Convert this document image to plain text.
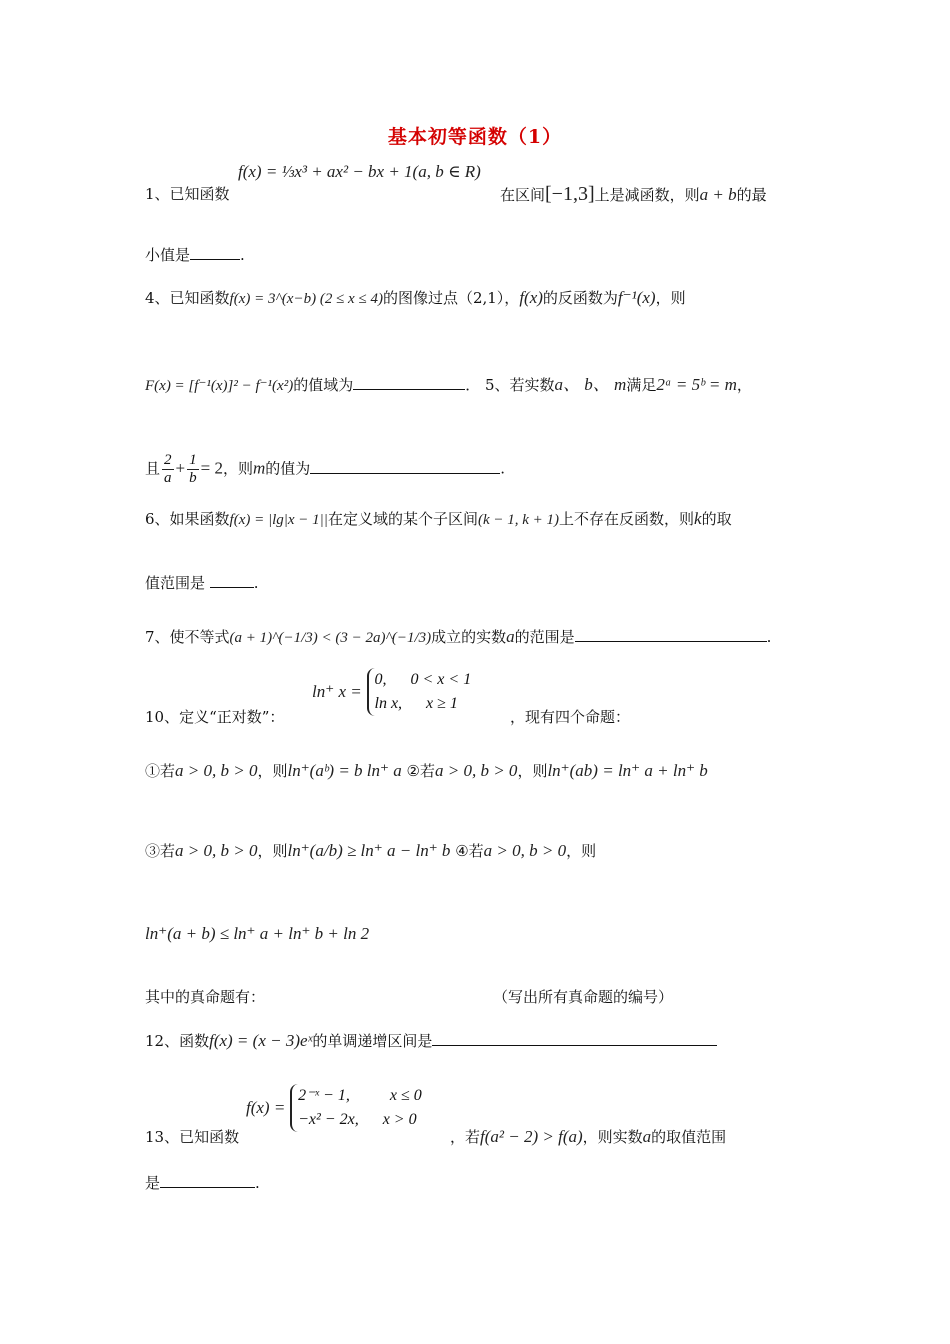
基本初等函数（1）
f(x) = ⅓x³ + ax² − bx + 1(a, b ∈ R)
1、已知函数	在区间[−1,3]上是减函数，则a + b的最
小值是	.
4、已知函数f(x) = 3^(x−b) (2 ≤ x ≤ 4)的图像过点（2,1），f(x)的反函数为f⁻¹(x)，则
F(x) = [f⁻¹(x)]² − f⁻¹(x²)的值域为	． 5、若实数a、 b、 m满足2ᵃ = 5ᵇ = m，
且 $\frac{2}{a} + \frac{1}{b} = 2$，则m的值为	.
6、如果函数f(x) = |lg|x − 1||在定义域的某个子区间(k − 1, k + 1)上不存在反函数，则k的取
值范围是	.
7、使不等式(a + 1)^(−1/3) < (3 − 2a)^(−1/3)成立的实数a的范围是	.
ln⁺ x = 0, 0 < x < 1
ln x, x ≥ 1
10、定义“正对数”：	，现有四个命题：
①若a > 0, b > 0，则ln⁺(aᵇ) = b ln⁺ a ②若a > 0, b > 0，则ln⁺(ab) = ln⁺ a + ln⁺ b
③若a > 0, b > 0，则ln⁺(a/b) ≥ ln⁺ a − ln⁺ b ④若a > 0, b > 0，则
ln⁺(a + b) ≤ ln⁺ a + ln⁺ b + ln 2
其中的真命题有：	（写出所有真命题的编号）
12、函数f(x) = (x − 3)eˣ的单调递增区间是
f(x) = 2⁻ˣ − 1,	x ≤ 0
−x² − 2x, x > 0
13、已知函数	，若f(a² − 2) > f(a)，则实数a的取值范围
是	.
